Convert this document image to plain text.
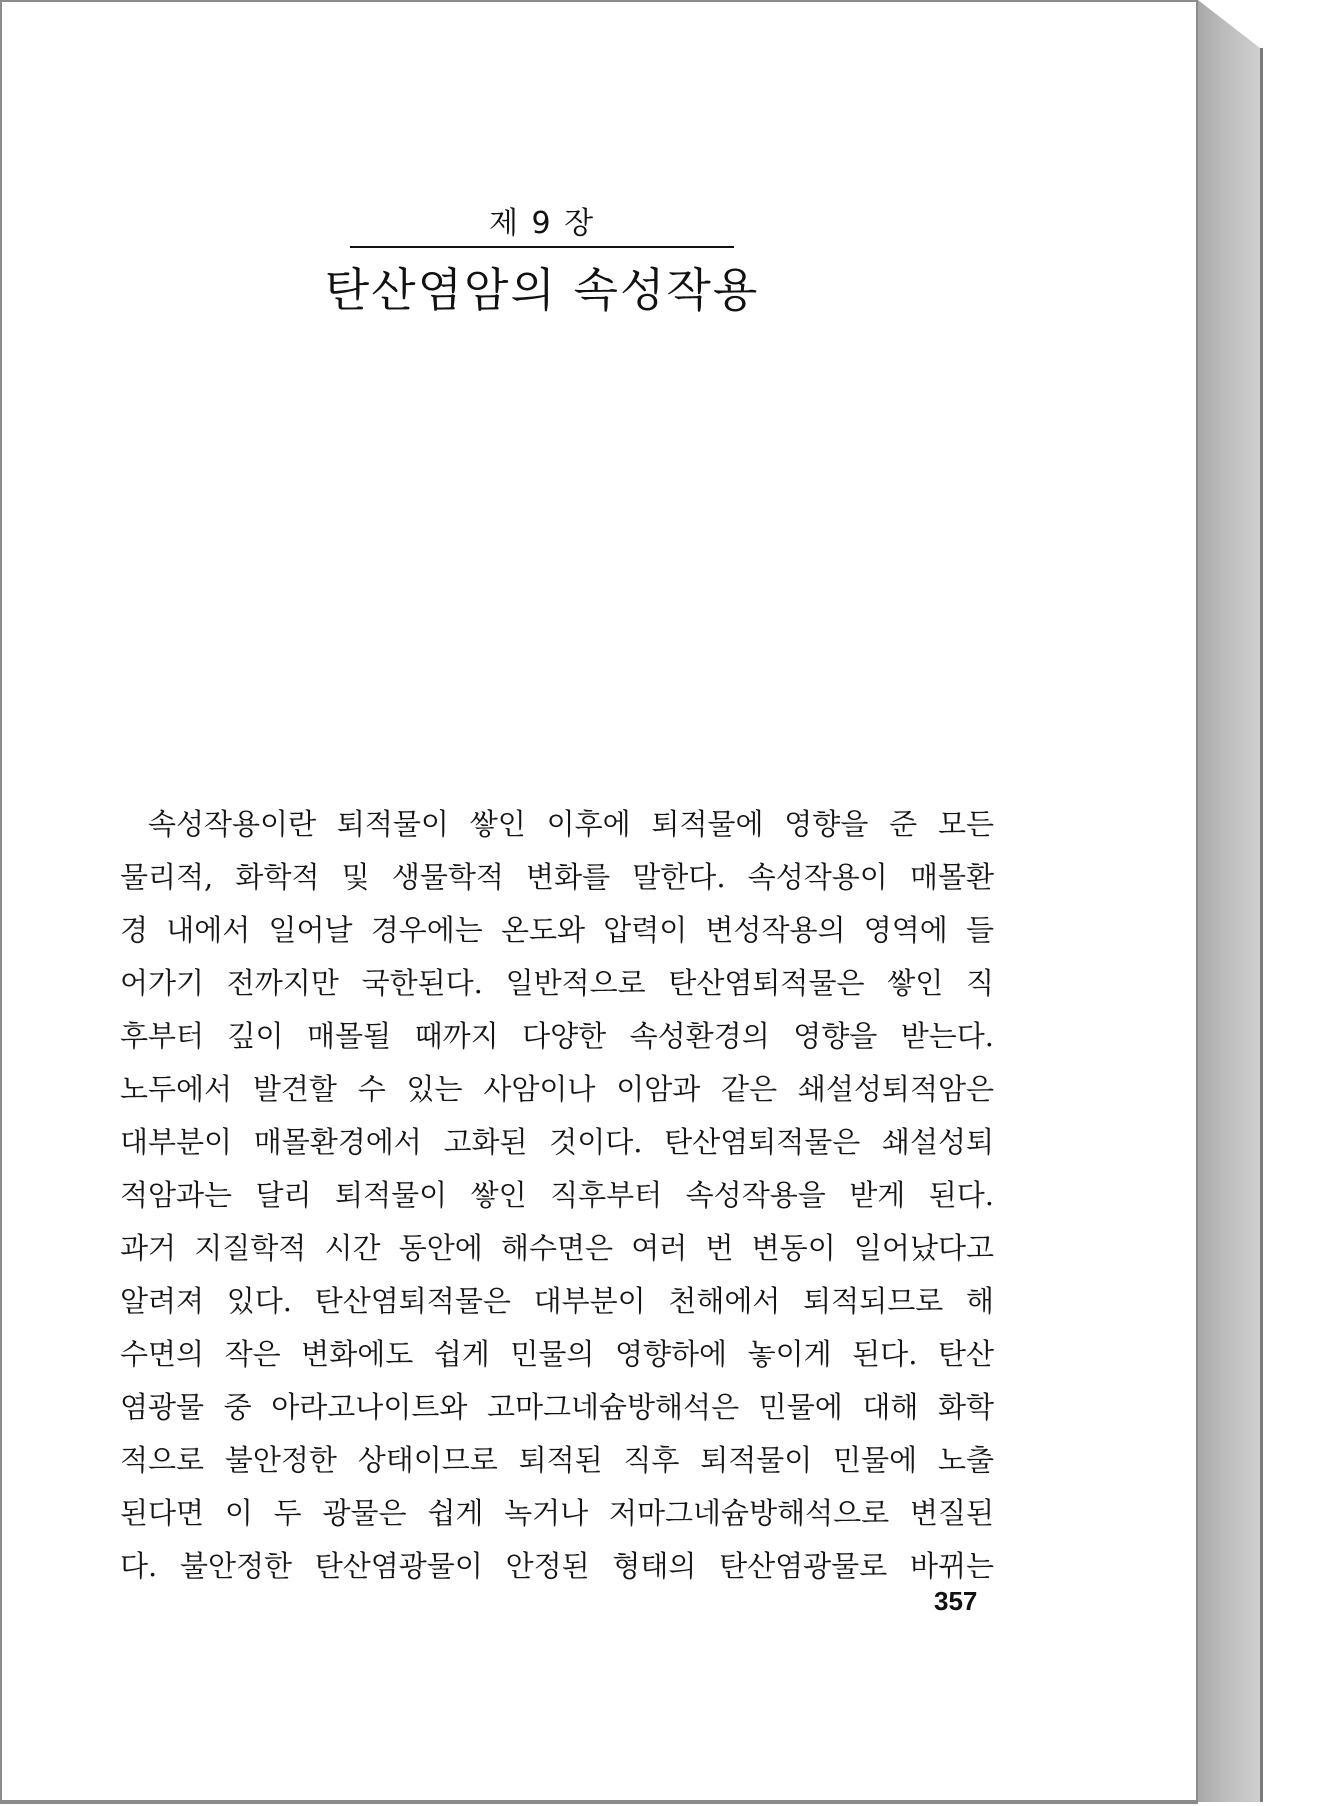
제 9 장
탄산염암의 속성작용
속성작용이란 퇴적물이 쌓인 이후에 퇴적물에 영향을 준 모든
물리적, 화학적 및 생물학적 변화를 말한다. 속성작용이 매몰환
경 내에서 일어날 경우에는 온도와 압력이 변성작용의 영역에 들
어가기 전까지만 국한된다. 일반적으로 탄산염퇴적물은 쌓인 직
후부터 깊이 매몰될 때까지 다양한 속성환경의 영향을 받는다.
노두에서 발견할 수 있는 사암이나 이암과 같은 쇄설성퇴적암은
대부분이 매몰환경에서 고화된 것이다. 탄산염퇴적물은 쇄설성퇴
적암과는 달리 퇴적물이 쌓인 직후부터 속성작용을 받게 된다.
과거 지질학적 시간 동안에 해수면은 여러 번 변동이 일어났다고
알려져 있다. 탄산염퇴적물은 대부분이 천해에서 퇴적되므로 해
수면의 작은 변화에도 쉽게 민물의 영향하에 놓이게 된다. 탄산
염광물 중 아라고나이트와 고마그네슘방해석은 민물에 대해 화학
적으로 불안정한 상태이므로 퇴적된 직후 퇴적물이 민물에 노출
된다면 이 두 광물은 쉽게 녹거나 저마그네슘방해석으로 변질된
다. 불안정한 탄산염광물이 안정된 형태의 탄산염광물로 바뀌는
357
